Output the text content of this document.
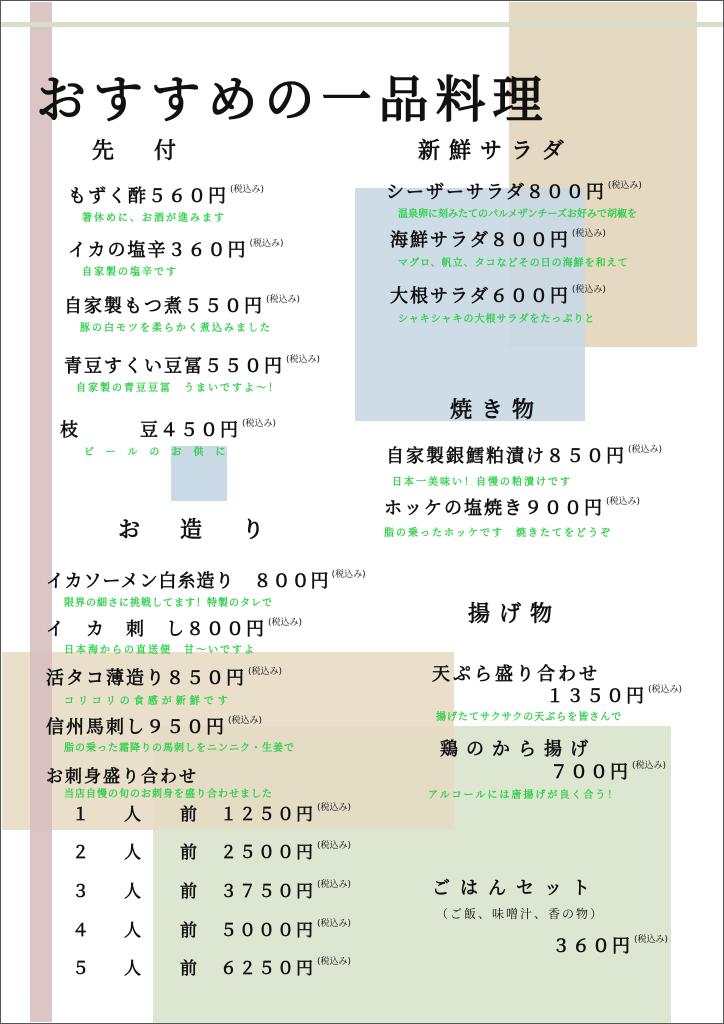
おすすめの一品料理
先　付	新鮮サラダ
焼き物
お　造　り
揚げ物
もずく酢５６０円 $^{(税込み)}$
箸休めに、お酒が進みます
イカの塩辛３６０円 $^{(税込み)}$
自家製の塩辛です
自家製もつ煮５５０円 $^{(税込み)}$
豚の白モツを柔らかく煮込みました
青豆すくい豆冨５５０円 $^{(税込み)}$
自家製の青豆豆冨　うまいですよ〜！
枝　　　豆４５０円 $^{(税込み)}$
ビールのお供に
シーザーサラダ８００円 $^{(税込み)}$
温泉卵に刻みたてのパルメザンチーズお好みで胡椒を
海鮮サラダ８００円 $^{(税込み)}$
マグロ、帆立、タコなどその日の海鮮を和えて
大根サラダ６００円 $^{(税込み)}$
シャキシャキの大根サラダをたっぷりと
自家製銀鱈粕漬け８５０円 $^{(税込み)}$
日本一美味い！自慢の粕漬けです
ホッケの塩焼き９００円 $^{(税込み)}$
脂の乗ったホッケです　焼きたてをどうぞ
イカソーメン白糸造り　８００円 $^{(税込み)}$
限界の細さに挑戦してます！特製のタレで
イ　カ　刺　し８００円 $^{(税込み)}$
日本海からの直送便　甘〜いですよ
活タコ薄造り８５０円 $^{(税込み)}$
コリコリの食感が新鮮です
信州馬刺し９５０円 $^{(税込み)}$
脂の乗った霜降りの馬刺しをニンニク・生姜で
お刺身盛り合わせ
当店自慢の旬のお刺身を盛り合わせました
１ 人 前 １２５０円 (税込み)
２ 人 前 ２５００円 (税込み)
３ 人 前 ３７５０円 (税込み)
４ 人 前 ５０００円 (税込み)
５ 人 前 ６２５０円 (税込み)
天ぷら盛り合わせ
１３５０円 $^{(税込み)}$
揚げたてサクサクの天ぷらを皆さんで
鶏のから揚げ
７００円 $^{(税込み)}$
アルコールには唐揚げが良く合う！
ごはんセット
（ご飯、味噌汁、香の物）
３６０円 $^{(税込み)}$
